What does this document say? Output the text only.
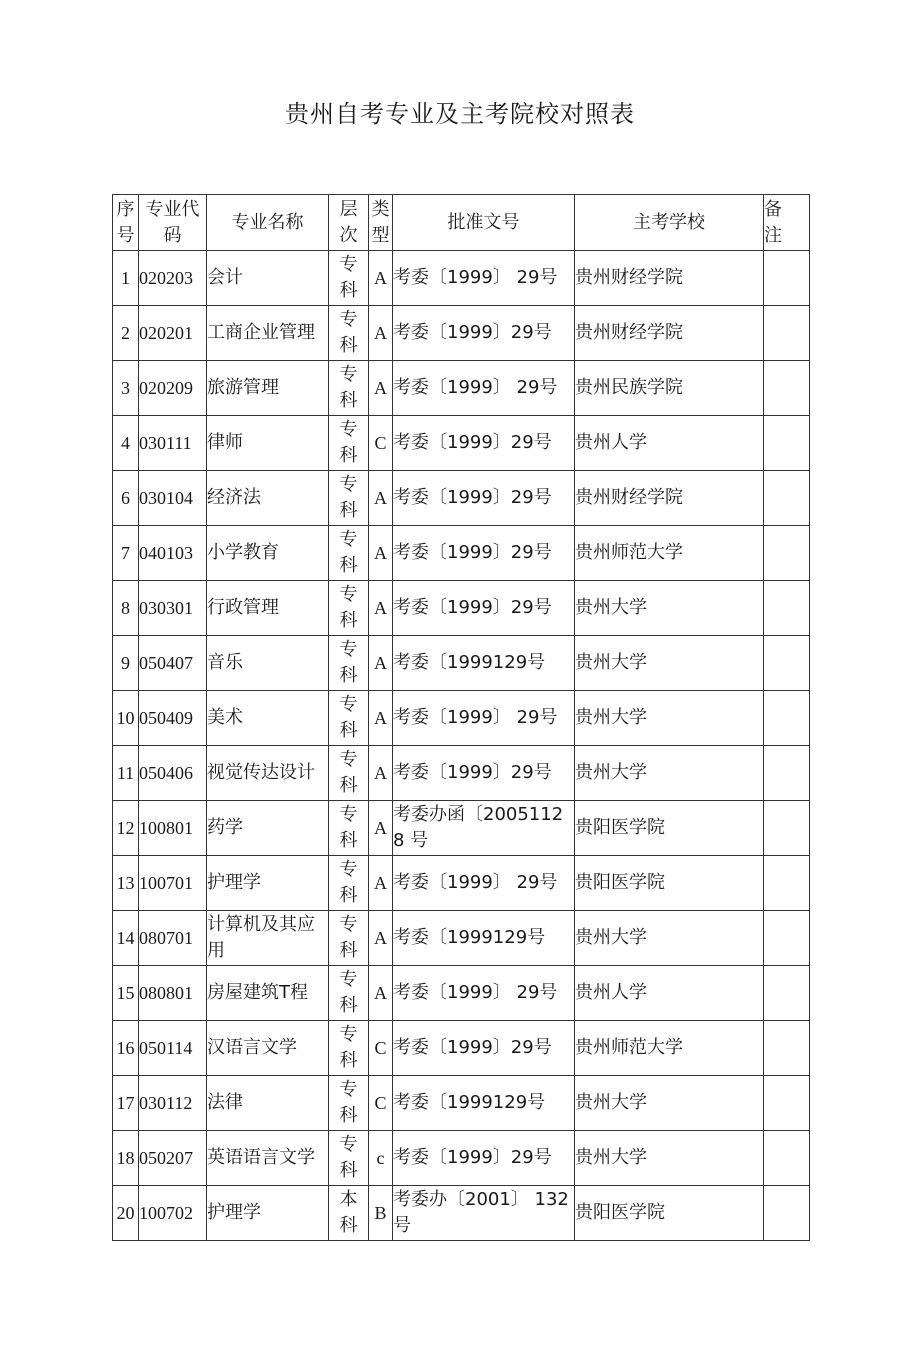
贵州自考专业及主考院校对照表
序号	专业代 码	专业名称	层次	类型	批准文号	主考学校	备注
1	020203	会计	专科	A	考委〔1999〕 29号	贵州财经学院	
2	020201	工商企业管理	专科	A	考委〔1999〕29号	贵州财经学院	
3	020209	旅游管理	专科	A	考委〔1999〕 29号	贵州民族学院	
4	030111	律师	专科	C	考委〔1999〕29号	贵州人学	
6	030104	经济法	专科	A	考委〔1999〕29号	贵州财经学院	
7	040103	小学教育	专科	A	考委〔1999〕29号	贵州师范大学	
8	030301	行政管理	专科	A	考委〔1999〕29号	贵州大学	
9	050407	音乐	专科	A	考委〔1999129号	贵州大学	
10	050409	美术	专科	A	考委〔1999〕 29号	贵州大学	
11	050406	视觉传达设计	专科	A	考委〔1999〕29号	贵州大学	
12	100801	药学	专科	A	考委办函〔20051128 号	贵阳医学院	
13	100701	护理学	专科	A	考委〔1999〕 29号	贵阳医学院	
14	080701	计算机及其应用	专科	A	考委〔1999129号	贵州大学	
15	080801	房屋建筑T程	专科	A	考委〔1999〕 29号	贵州人学	
16	050114	汉语言文学	专科	C	考委〔1999〕29号	贵州师范大学	
17	030112	法律	专科	C	考委〔1999129号	贵州大学	
18	050207	英语语言文学	专科	c	考委〔1999〕29号	贵州大学	
20	100702	护理学	本科	B	考委办〔2001〕 132号	贵阳医学院	
